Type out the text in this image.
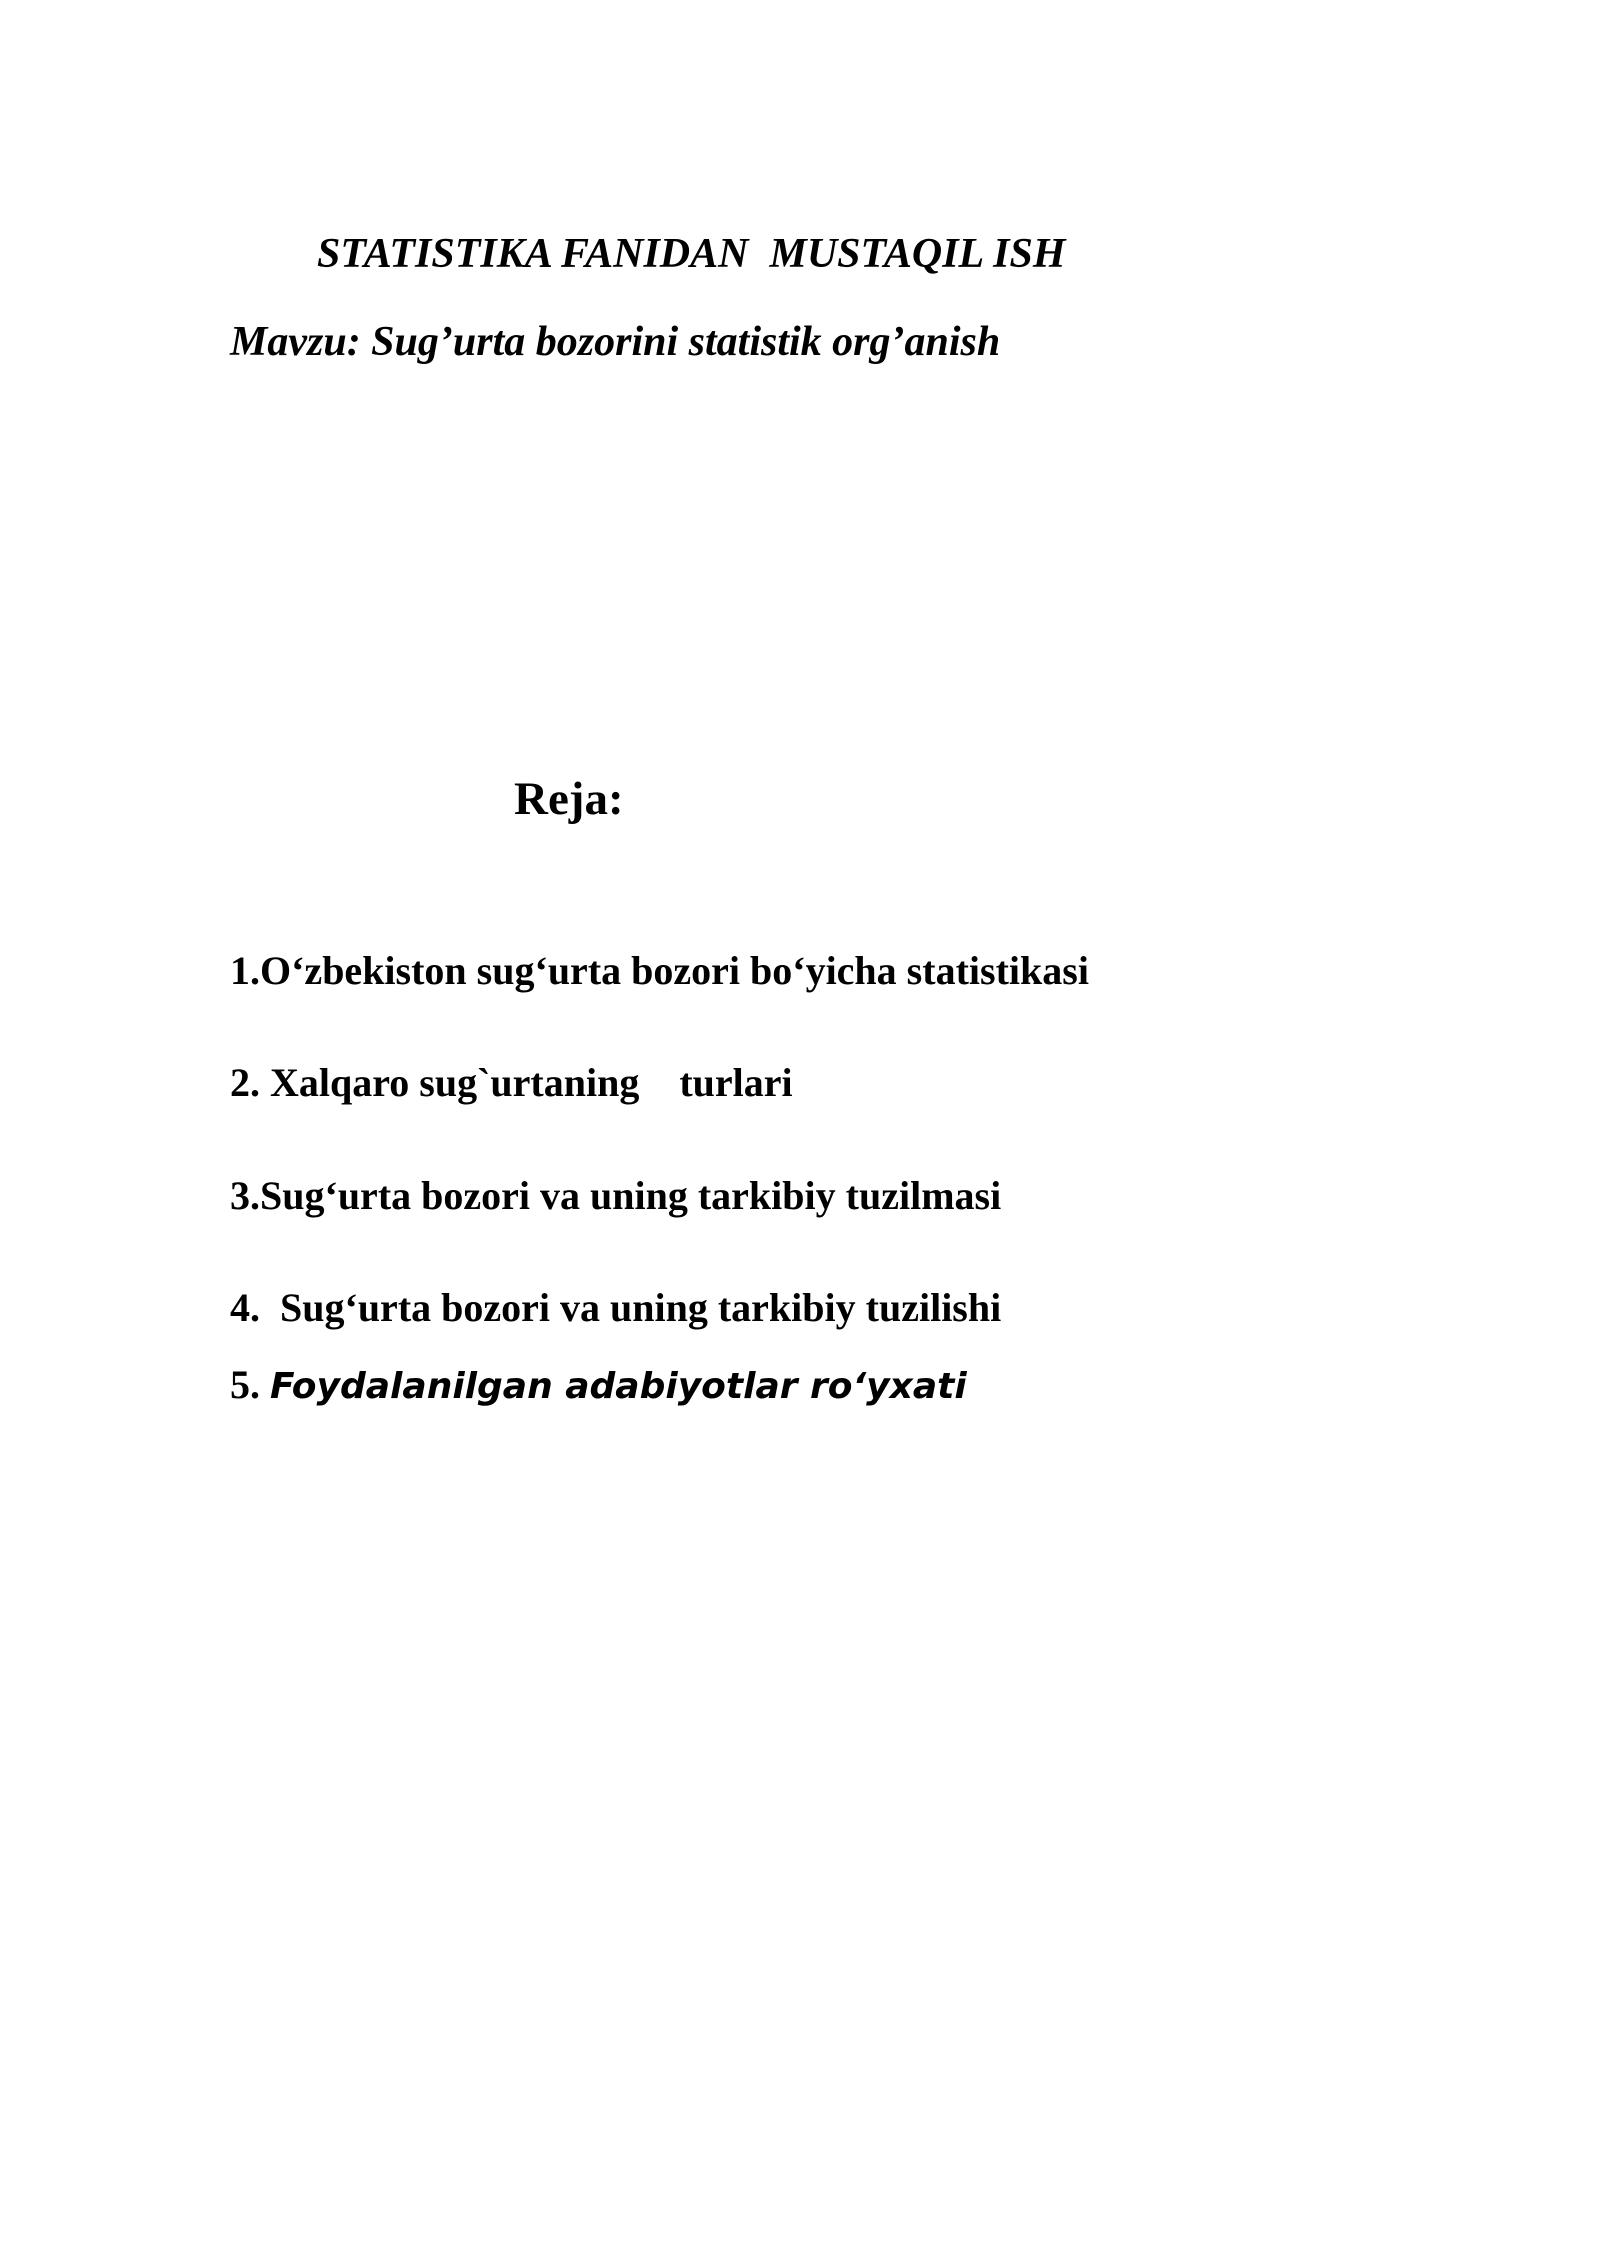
STATISTIKA FANIDAN  MUSTAQIL ISH
Mavzu: Sug’urta bozorini statistik org’anish
Reja:
1.O‘zbekiston sug‘urta bozori bo‘yicha statistikasi
2. Xalqaro sug`urtaning    turlari
3.Sug‘urta bozori va uning tarkibiy tuzilmasi
4.  Sug‘urta bozori va uning tarkibiy tuzilishi
5. Foydalanilgan adabiyotlar ro‘yxati
